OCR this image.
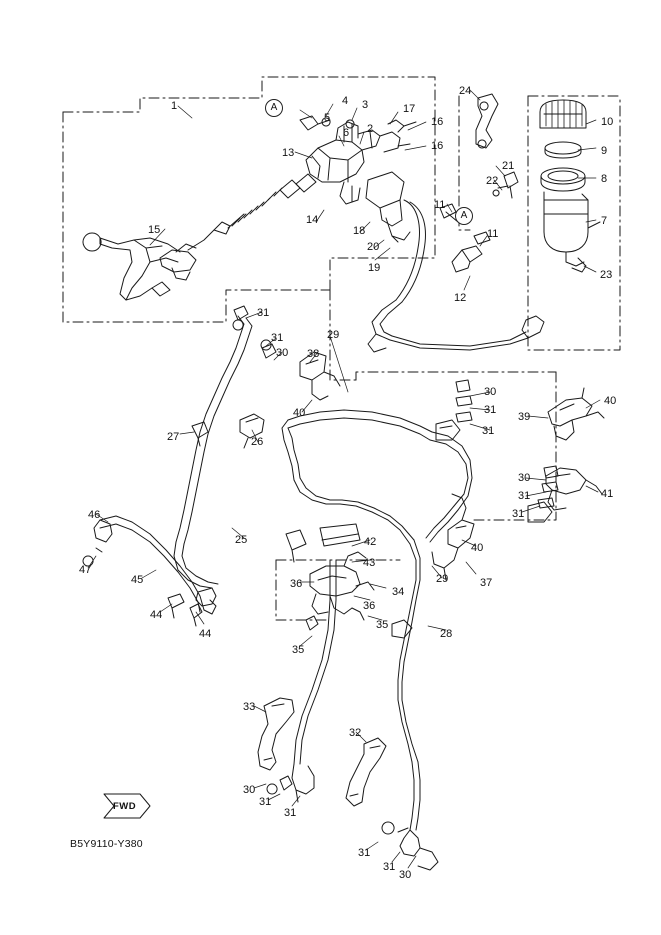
A
A
FWD
B5Y9110-Y380
1	4 3	17
24
10
5	16
6 2
9
16
13
21
8
22
15
14	7
18
11
11
20
19
23
12
31
31	29
30 38
30
40
31
39
40
31
27	26
30
31	41
31
46
25	42	40
47
43
45	36	29	37
34
36
44
44
35
28
35
33
32
30
31
31
31
31
30
